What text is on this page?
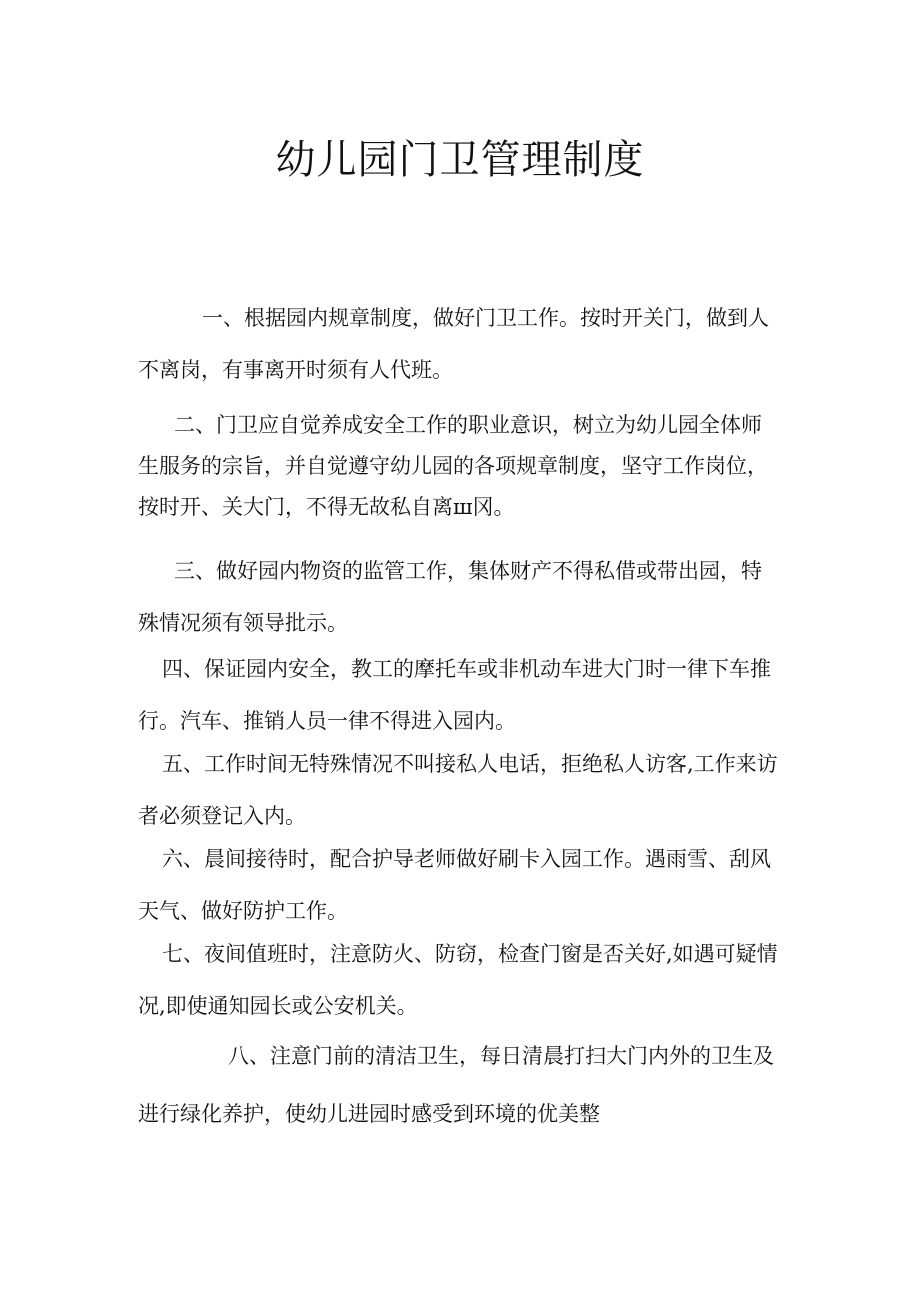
幼儿园门卫管理制度

一、根据园内规章制度，做好门卫工作。按时开关门，做到人不离岗，有事离开时须有人代班。

二、门卫应自觉养成安全工作的职业意识，树立为幼儿园全体师生服务的宗旨，并自觉遵守幼儿园的各项规章制度，坚守工作岗位，按时开、关大门，不得无故私自离ш冈。

三、做好园内物资的监管工作，集体财产不得私借或带出园，特殊情况须有领导批示。

四、保证园内安全，教工的摩托车或非机动车进大门时一律下车推行。汽车、推销人员一律不得进入园内。

五、工作时间无特殊情况不叫接私人电话，拒绝私人访客,工作来访者必须登记入内。

六、晨间接待时，配合护导老师做好刷卡入园工作。遇雨雪、刮风天气、做好防护工作。

七、夜间值班时，注意防火、防窃，检查门窗是否关好,如遇可疑情况,即使通知园长或公安机关。

八、注意门前的清洁卫生，每日清晨打扫大门内外的卫生及进行绿化养护，使幼儿进园时感受到环境的优美整
